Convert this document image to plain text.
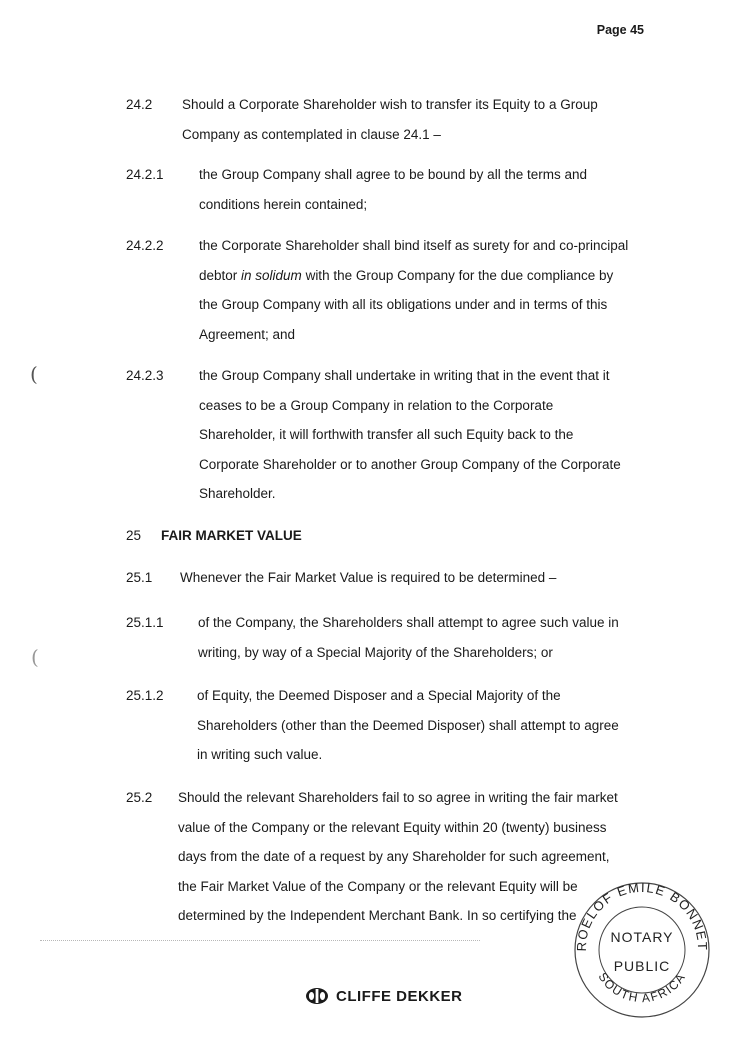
Page 45
24.2 Should a Corporate Shareholder wish to transfer its Equity to a Group
Company as contemplated in clause 24.1 –
24.2.1	the Group Company shall agree to be bound by all the terms and
conditions herein contained;
24.2.2	the Corporate Shareholder shall bind itself as surety for and co-principal
debtor in solidum with the Group Company for the due compliance by
the Group Company with all its obligations under and in terms of this
Agreement; and
24.2.3	the Group Company shall undertake in writing that in the event that it
ceases to be a Group Company in relation to the Corporate
Shareholder, it will forthwith transfer all such Equity back to the
Corporate Shareholder or to another Group Company of the Corporate
Shareholder.
25 FAIR MARKET VALUE
25.1 Whenever the Fair Market Value is required to be determined –
25.1.1	of the Company, the Shareholders shall attempt to agree such value in
writing, by way of a Special Majority of the Shareholders; or
25.1.2 of Equity, the Deemed Disposer and a Special Majority of the
Shareholders (other than the Deemed Disposer) shall attempt to agree
in writing such value.
25.2 Should the relevant Shareholders fail to so agree in writing the fair market
value of the Company or the relevant Equity within 20 (twenty) business
days from the date of a request by any Shareholder for such agreement,
the Fair Market Value of the Company or the relevant Equity will be
determined by the Independent Merchant Bank. In so certifying the
(
(
CLIFFE DEKKER
ROELOF EMILE BONNET
NOTARY
PUBLIC
SOUTH AFRICA
